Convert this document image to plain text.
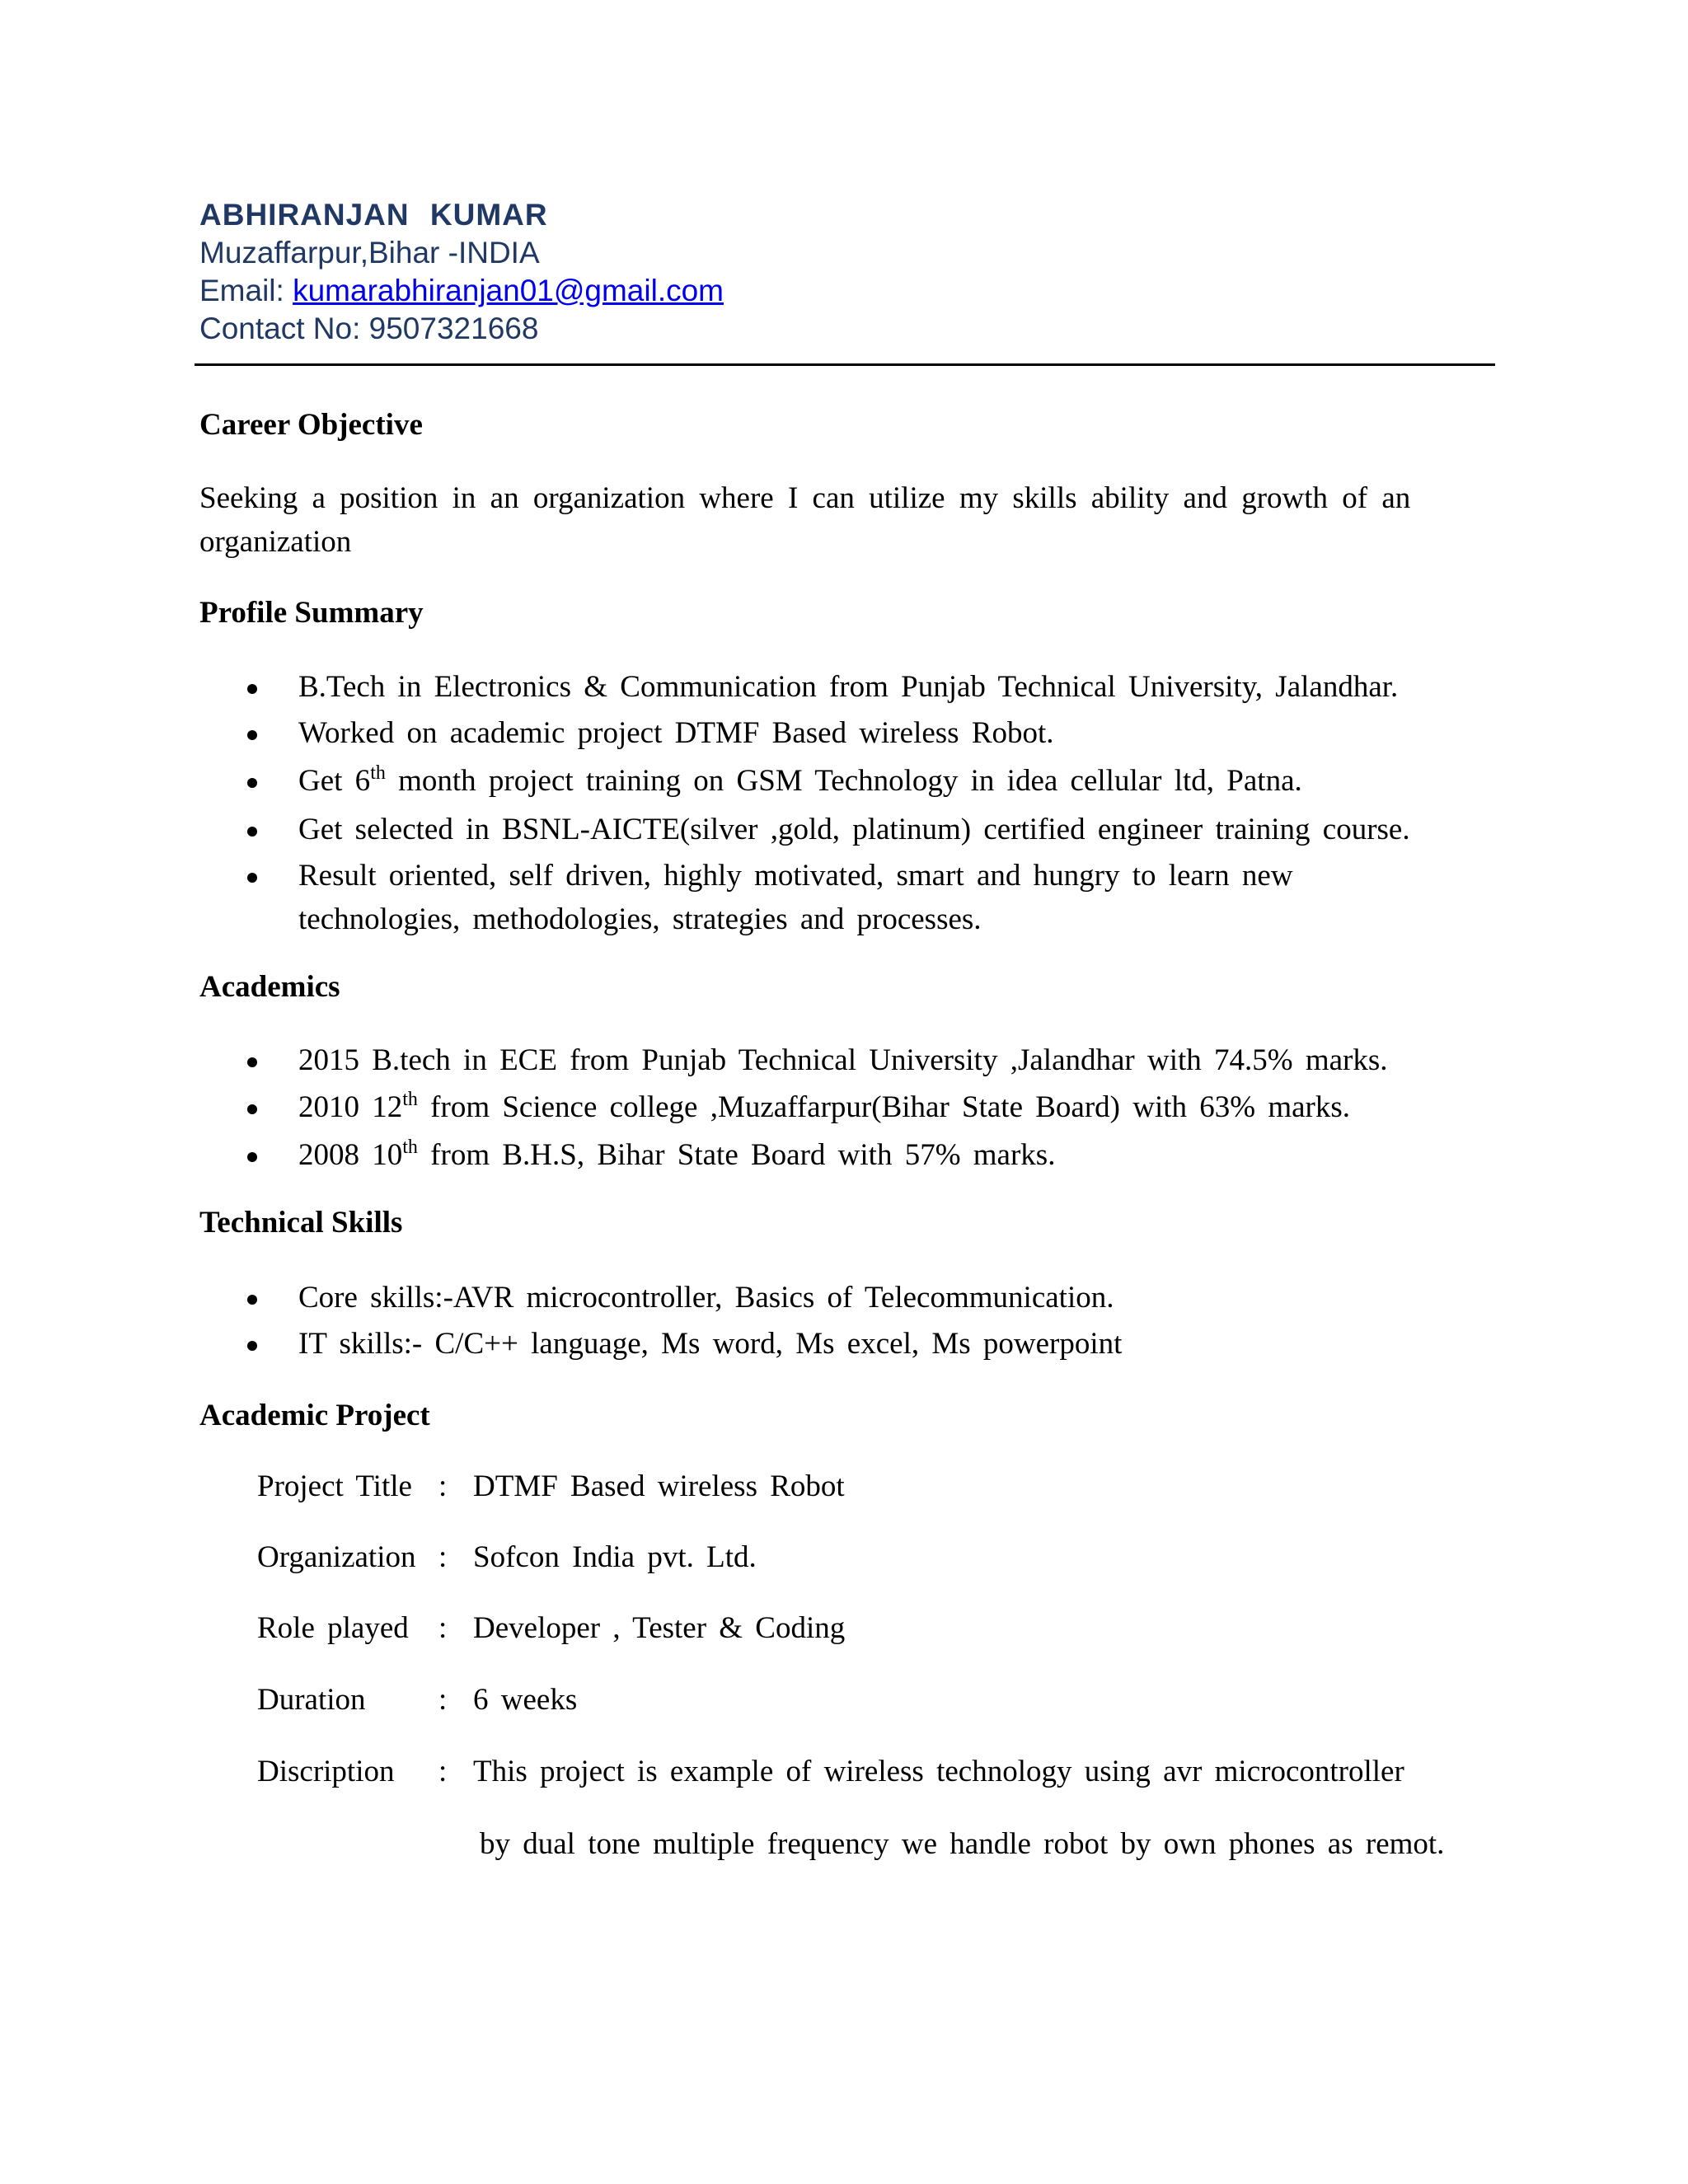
ABHIRANJAN KUMAR
Muzaffarpur,Bihar -INDIA
Email: kumarabhiranjan01@gmail.com
Contact No: 9507321668
Career Objective
Seeking a position in an organization where I can utilize my skills ability and growth of an organization
Profile Summary
B.Tech in Electronics & Communication from Punjab Technical University, Jalandhar.
Worked on academic project DTMF Based wireless Robot.
Get 6th month project training on GSM Technology in idea cellular ltd, Patna.
Get selected in BSNL-AICTE(silver ,gold, platinum) certified engineer training course.
Result oriented, self driven, highly motivated, smart and hungry to learn new technologies, methodologies, strategies and processes.
Academics
2015 B.tech in ECE from Punjab Technical University ,Jalandhar with 74.5% marks.
2010 12th from Science college ,Muzaffarpur(Bihar State Board) with 63% marks.
2008 10th from B.H.S, Bihar State Board with 57% marks.
Technical Skills
Core skills:-AVR microcontroller, Basics of Telecommunication.
IT skills:- C/C++ language, Ms word, Ms excel, Ms powerpoint
Academic Project
Project Title : DTMF Based wireless Robot
Organization : Sofcon India pvt. Ltd.
Role played : Developer , Tester & Coding
Duration : 6 weeks
Discription : This project is example of wireless technology using avr microcontroller
by dual tone multiple frequency we handle robot by own phones as remot.
